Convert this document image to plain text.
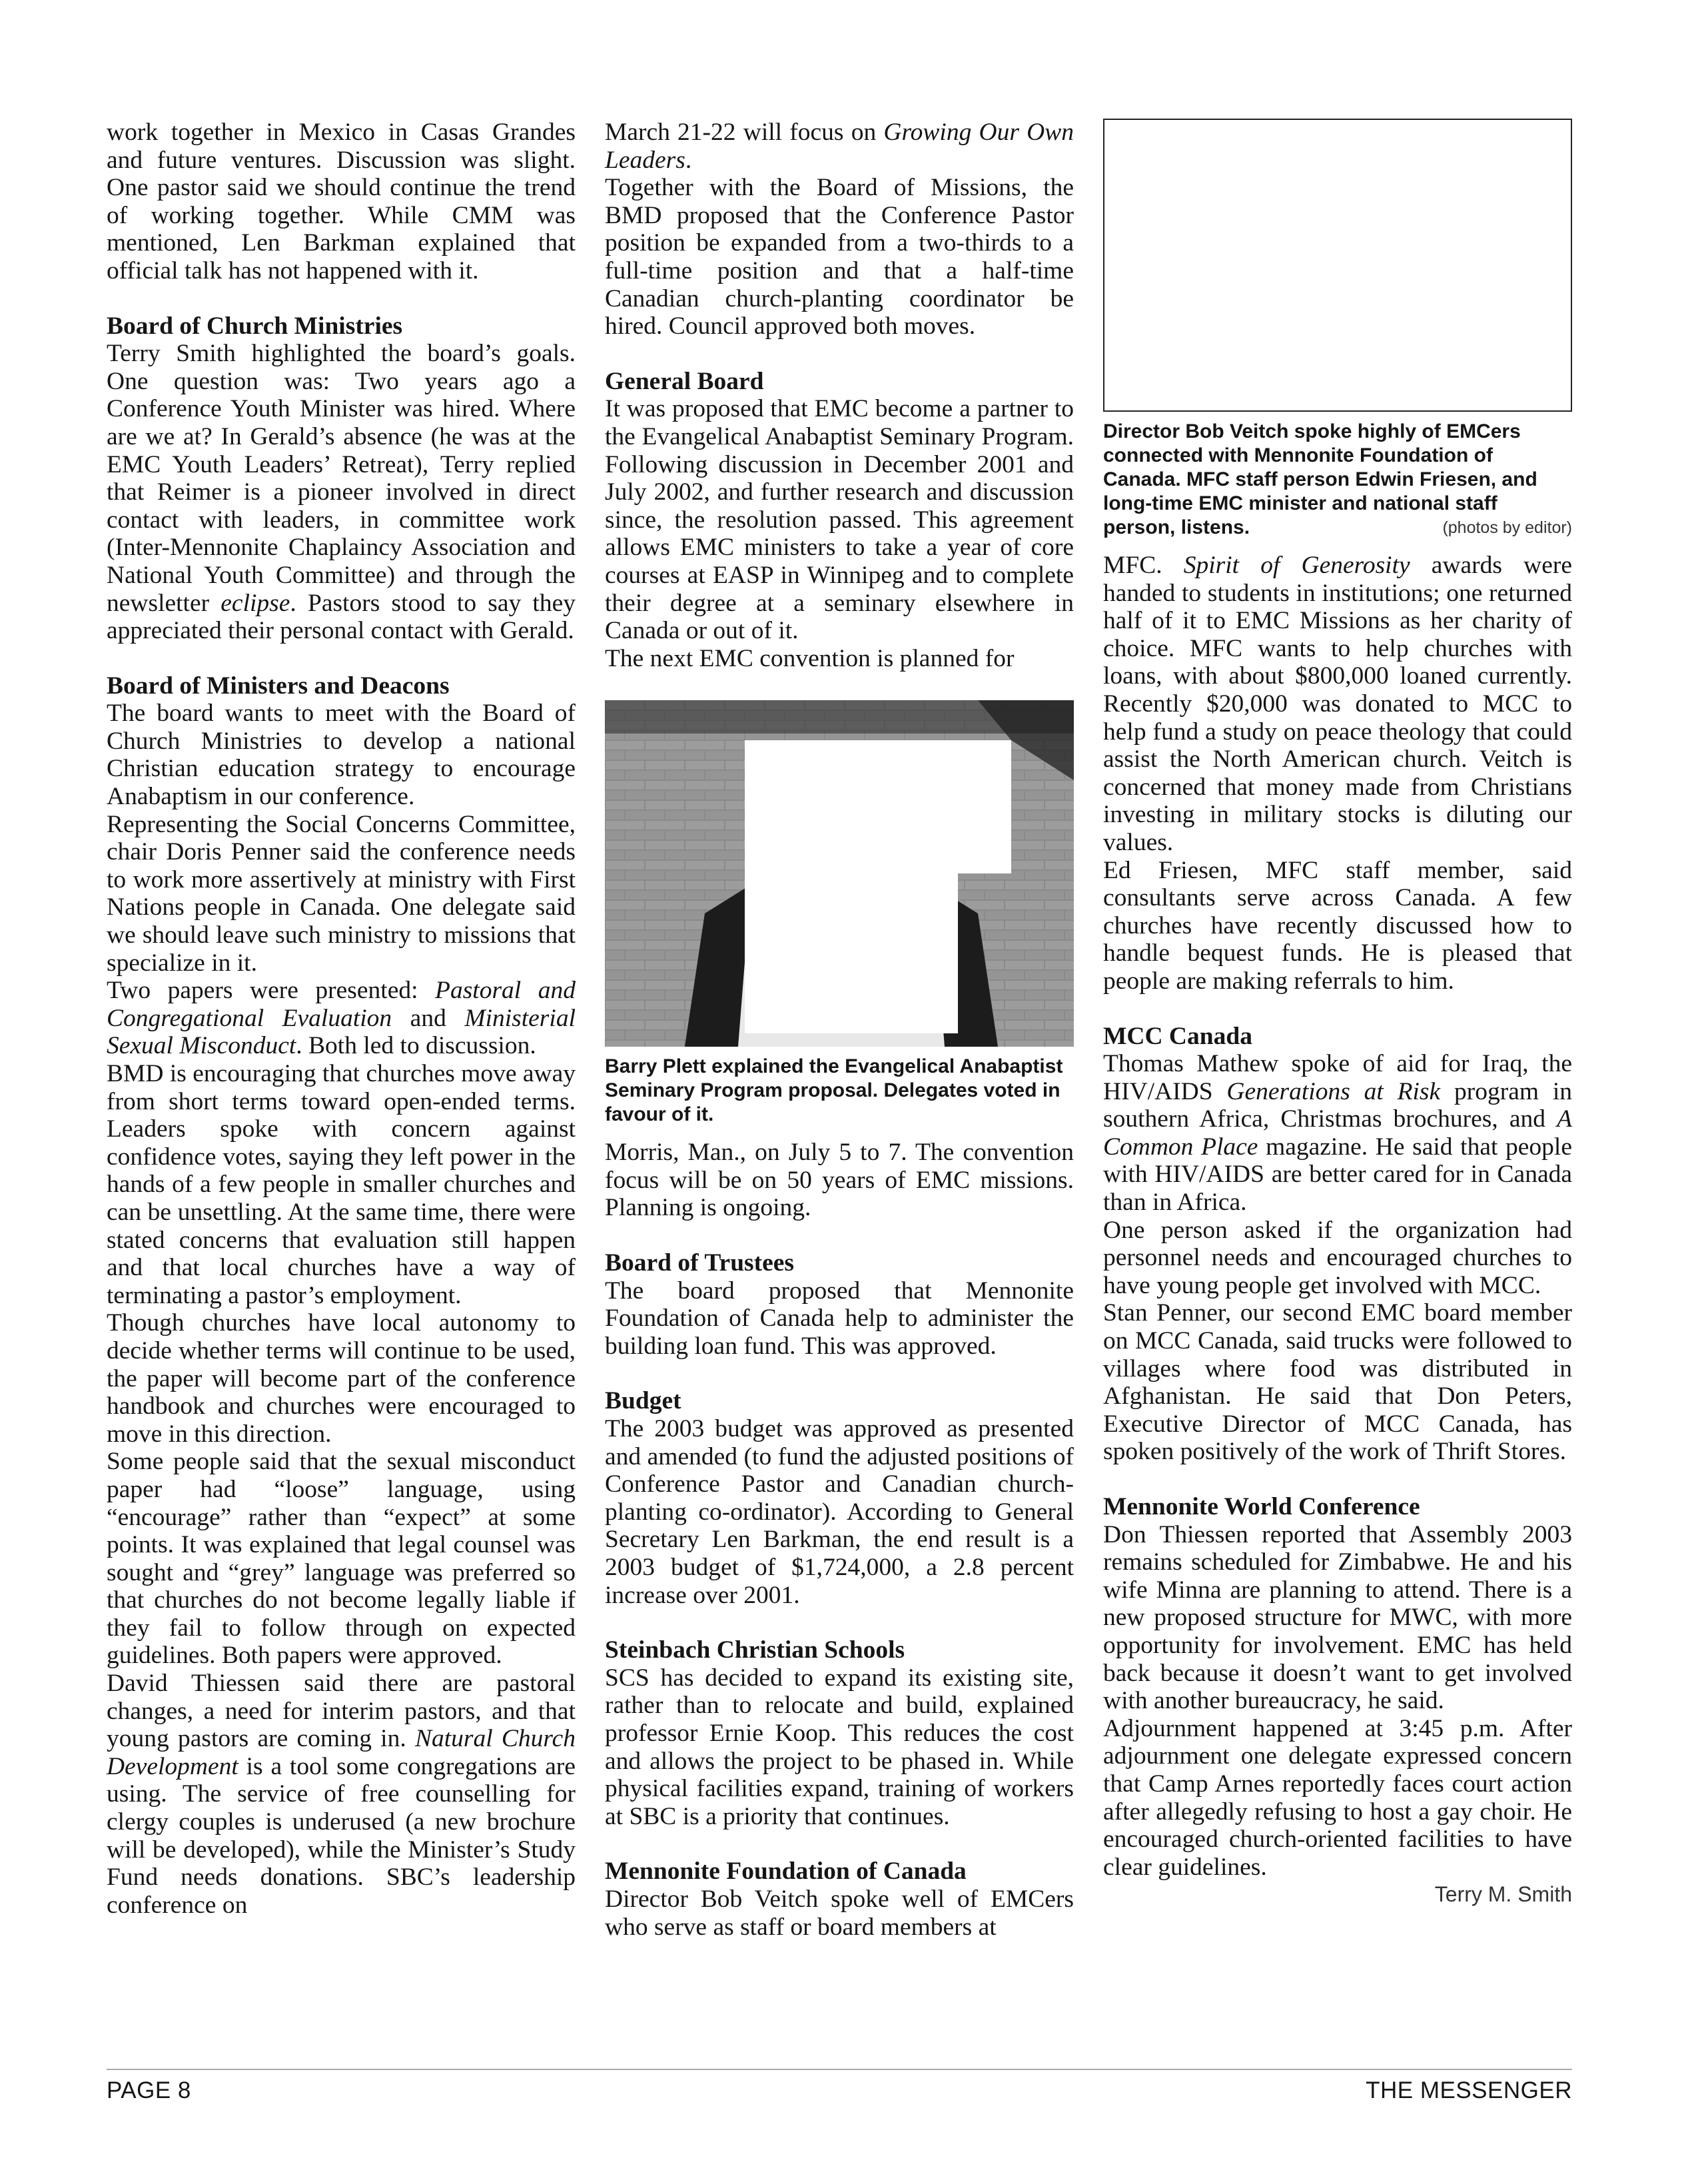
work together in Mexico in Casas Grandes and future ventures. Discussion was slight. One pastor said we should continue the trend of working together. While CMM was mentioned, Len Barkman explained that official talk has not happened with it.

Board of Church Ministries

Terry Smith highlighted the board’s goals. One question was: Two years ago a Conference Youth Minister was hired. Where are we at? In Gerald’s absence (he was at the EMC Youth Leaders’ Retreat), Terry replied that Reimer is a pioneer involved in direct contact with leaders, in committee work (Inter-Mennonite Chaplaincy Association and National Youth Committee) and through the newsletter eclipse. Pastors stood to say they appreciated their personal contact with Gerald.

Board of Ministers and Deacons

The board wants to meet with the Board of Church Ministries to develop a national Christian education strategy to encourage Anabaptism in our conference.

Representing the Social Concerns Committee, chair Doris Penner said the conference needs to work more assertively at ministry with First Nations people in Canada. One delegate said we should leave such ministry to missions that specialize in it.

Two papers were presented: Pastoral and Congregational Evaluation and Ministerial Sexual Misconduct. Both led to discussion.

BMD is encouraging that churches move away from short terms toward open-ended terms. Leaders spoke with concern against confidence votes, saying they left power in the hands of a few people in smaller churches and can be unsettling. At the same time, there were stated concerns that evaluation still happen and that local churches have a way of terminating a pastor’s employment.

Though churches have local autonomy to decide whether terms will continue to be used, the paper will become part of the conference handbook and churches were encouraged to move in this direction.

Some people said that the sexual misconduct paper had “loose” language, using “encourage” rather than “expect” at some points. It was explained that legal counsel was sought and “grey” language was preferred so that churches do not become legally liable if they fail to follow through on expected guidelines. Both papers were approved.

David Thiessen said there are pastoral changes, a need for interim pastors, and that young pastors are coming in. Natural Church Development is a tool some congregations are using. The service of free counselling for clergy couples is underused (a new brochure will be developed), while the Minister’s Study Fund needs donations. SBC’s leadership conference on

March 21-22 will focus on Growing Our Own Leaders.

Together with the Board of Missions, the BMD proposed that the Conference Pastor position be expanded from a two-thirds to a full-time position and that a half-time Canadian church-planting coordinator be hired. Council approved both moves.

General Board

It was proposed that EMC become a partner to the Evangelical Anabaptist Seminary Program. Following discussion in December 2001 and July 2002, and further research and discussion since, the resolution passed. This agreement allows EMC ministers to take a year of core courses at EASP in Winnipeg and to complete their degree at a seminary elsewhere in Canada or out of it.

The next EMC convention is planned for

Barry Plett explained the Evangelical Anabaptist Seminary Program proposal. Delegates voted in favour of it.

Morris, Man., on July 5 to 7. The convention focus will be on 50 years of EMC missions. Planning is ongoing.

Board of Trustees

The board proposed that Mennonite Foundation of Canada help to administer the building loan fund. This was approved.

Budget

The 2003 budget was approved as presented and amended (to fund the adjusted positions of Conference Pastor and Canadian church-planting co-ordinator). According to General Secretary Len Barkman, the end result is a 2003 budget of $1,724,000, a 2.8 percent increase over 2001.

Steinbach Christian Schools

SCS has decided to expand its existing site, rather than to relocate and build, explained professor Ernie Koop. This reduces the cost and allows the project to be phased in. While physical facilities expand, training of workers at SBC is a priority that continues.

Mennonite Foundation of Canada

Director Bob Veitch spoke well of EMCers who serve as staff or board members at

Director Bob Veitch spoke highly of EMCers connected with Mennonite Foundation of Canada. MFC staff person Edwin Friesen, and long-time EMC minister and national staff person, listens.	(photos by editor)

MFC. Spirit of Generosity awards were handed to students in institutions; one returned half of it to EMC Missions as her charity of choice. MFC wants to help churches with loans, with about $800,000 loaned currently. Recently $20,000 was donated to MCC to help fund a study on peace theology that could assist the North American church. Veitch is concerned that money made from Christians investing in military stocks is diluting our values.

Ed Friesen, MFC staff member, said consultants serve across Canada. A few churches have recently discussed how to handle bequest funds. He is pleased that people are making referrals to him.

MCC Canada

Thomas Mathew spoke of aid for Iraq, the HIV/AIDS Generations at Risk program in southern Africa, Christmas brochures, and A Common Place magazine. He said that people with HIV/AIDS are better cared for in Canada than in Africa.

One person asked if the organization had personnel needs and encouraged churches to have young people get involved with MCC.

Stan Penner, our second EMC board member on MCC Canada, said trucks were followed to villages where food was distributed in Afghanistan. He said that Don Peters, Executive Director of MCC Canada, has spoken positively of the work of Thrift Stores.

Mennonite World Conference

Don Thiessen reported that Assembly 2003 remains scheduled for Zimbabwe. He and his wife Minna are planning to attend. There is a new proposed structure for MWC, with more opportunity for involvement. EMC has held back because it doesn’t want to get involved with another bureaucracy, he said.

Adjournment happened at 3:45 p.m. After adjournment one delegate expressed concern that Camp Arnes reportedly faces court action after allegedly refusing to host a gay choir. He encouraged church-oriented facilities to have clear guidelines.

Terry M. Smith
PAGE 8	THE MESSENGER
